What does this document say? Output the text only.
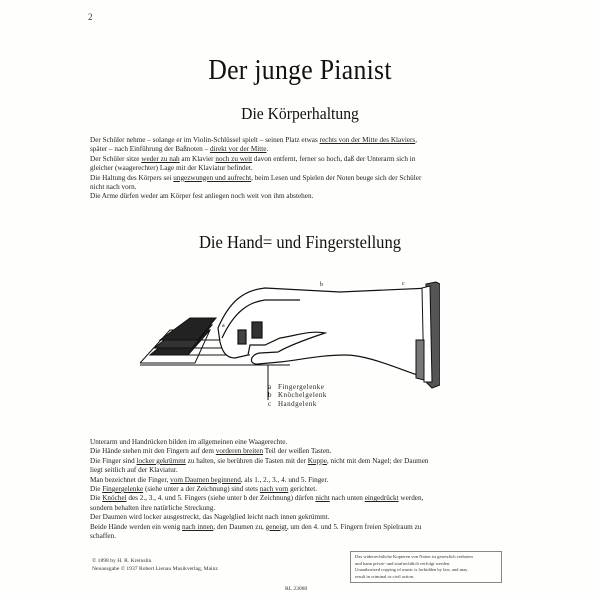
2
Der junge Pianist
Die Körperhaltung
Der Schüler nehme – solange er im Violin-Schlüssel spielt – seinen Platz etwas rechts von der Mitte des Klaviers,
später – nach Einführung der Baßnoten – direkt vor der Mitte.
Der Schüler sitze weder zu nah am Klavier noch zu weit davon entfernt, ferner so hoch, daß der Unterarm sich in
gleicher (waagerechter) Lage mit der Klaviatur befindet.
Die Haltung des Körpers sei ungezwungen und aufrecht, beim Lesen und Spielen der Noten beuge sich der Schüler
nicht nach vorn.
Die Arme dürfen weder am Körper fest anliegen noch weit von ihm abstehen.
Die Hand= und Fingerstellung
a
b	c
a Fingergelenke
b Knöchelgelenk
c Handgelenk
Unterarm und Handrücken bilden im allgemeinen eine Waagerechte.
Die Hände stehen mit den Fingern auf dem vorderen breiten Teil der weißen Tasten.
Die Finger sind locker gekrümmt zu halten, sie berühren die Tasten mit der Kuppe, nicht mit dem Nagel; der Daumen
liegt seitlich auf der Klaviatur.
Man bezeichnet die Finger, vom Daumen beginnend, als 1., 2., 3., 4. und 5. Finger.
Die Fingergelenke (siehe unter a der Zeichnung) sind stets nach vorn gerichtet.
Die Knöchel des 2., 3., 4. und 5. Fingers (siehe unter b der Zeichnung) dürfen nicht nach unten eingedrückt werden,
sondern behalten ihre natürliche Streckung.
Der Daumen wird locker ausgestreckt, das Nagelglied leicht nach innen gekrümmt.
Beide Hände werden ein wenig nach innen, den Daumen zu, geneigt, um den 4. und 5. Fingern freien Spielraum zu
schaffen.
© 1898 by H. R. Kreinslin
Neuausgabe © 1937 Robert Lienau Musikverlag, Mainz
RL 23080
Das widerrechtliche Kopieren von Noten ist gesetzlich verboten
und kann privat- und strafrechtlich verfolgt werden.
Unauthorized copying of music is forbidden by law, and may
result in criminal or civil action.
